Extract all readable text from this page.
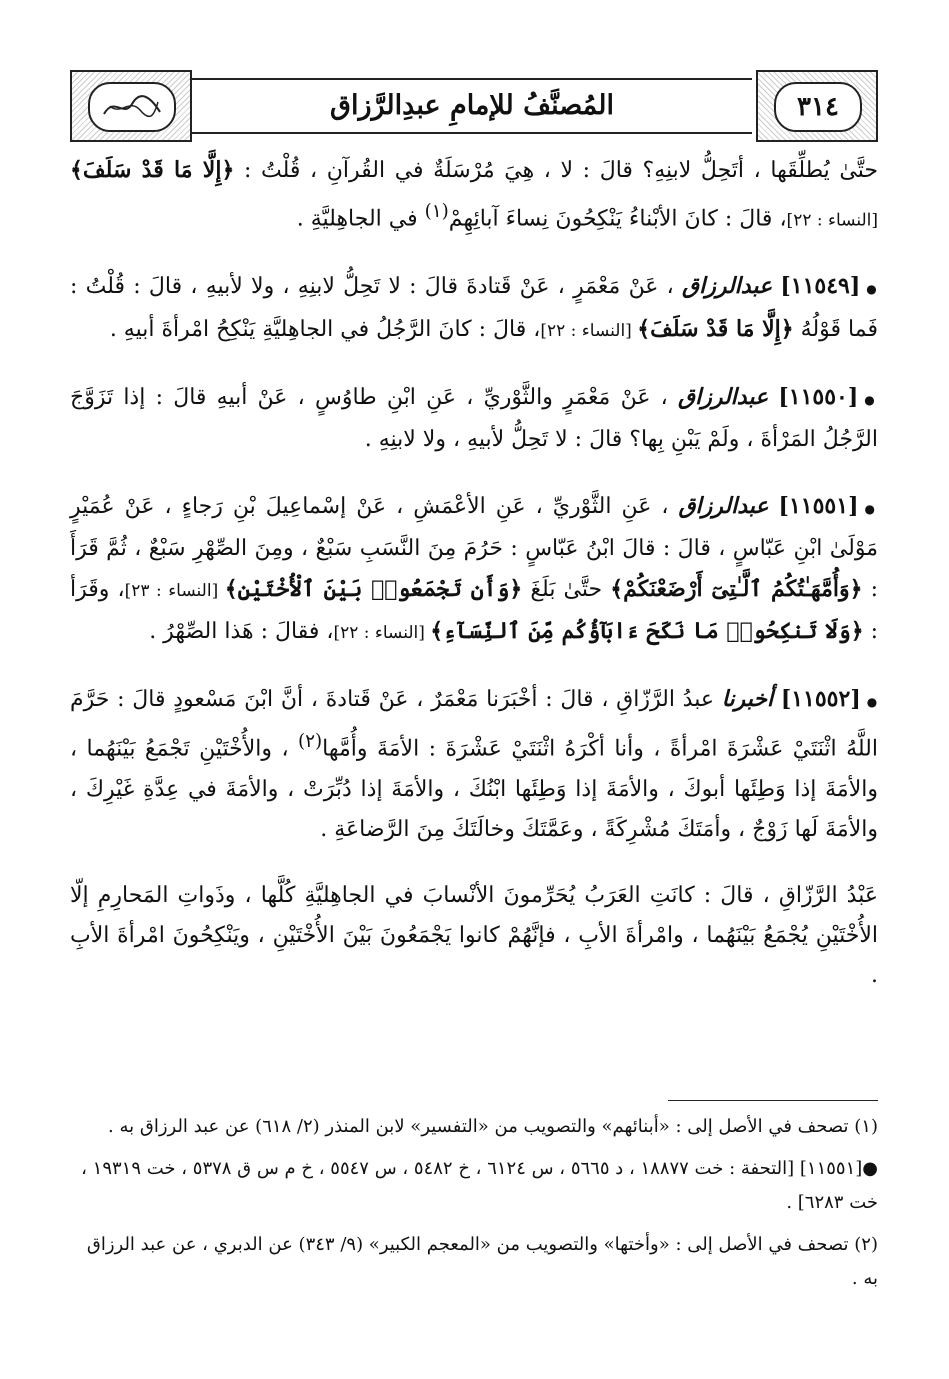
المُصنَّفُ للإمامِ عبدِالرَّزاق	٣١٤

حتَّىٰ يُطلِّقَها ، أتَحِلُّ لابنِهِ؟ قالَ : لا ، هِيَ مُرْسَلَةٌ في القُرآنِ ، قُلْتُ : ﴿إِلَّا مَا قَدْ سَلَفَ﴾ [النساء : ٢٢]، قالَ : كانَ الأبْناءُ يَنْكِحُونَ نِساءَ آبائِهِمْ$^{(١)}$ في الجاهِليَّةِ .

●[١١٥٤٩] عبدالرزاق ، عَنْ مَعْمَرٍ ، عَنْ قَتادةَ قالَ : لا تَحِلُّ لابنِهِ ، ولا لأبيهِ ، قالَ : قُلْتُ : فَما قَوْلُهُ ﴿إِلَّا مَا قَدْ سَلَفَ﴾ [النساء : ٢٢]، قالَ : كانَ الرَّجُلُ في الجاهِليَّةِ يَنْكِحُ امْرأةَ أبيهِ .

●[١١٥٥٠] عبدالرزاق ، عَنْ مَعْمَرٍ والثَّوْريِّ ، عَنِ ابْنِ طاوُسٍ ، عَنْ أبيهِ قالَ : إذا تَزَوَّجَ الرَّجُلُ المَرْأةَ ، ولَمْ يَبْنِ بِها؟ قالَ : لا تَحِلُّ لأبيهِ ، ولا لابنِهِ .

●[١١٥٥١] عبدالرزاق ، عَنِ الثَّوْريِّ ، عَنِ الأعْمَشِ ، عَنْ إسْماعِيلَ بْنِ رَجاءٍ ، عَنْ عُمَيْرٍ مَوْلَىٰ ابْنِ عَبّاسٍ ، قالَ : قالَ ابْنُ عَبّاسٍ : حَرُمَ مِنَ النَّسَبِ سَبْعٌ ، ومِنَ الصِّهْرِ سَبْعٌ ، ثُمَّ قَرَأَ : ﴿وَأُمَّهَـٰتُكُمُ ٱلَّـٰتِىٓ أَرْضَعْنَكُمْ﴾ حتَّىٰ بَلَغَ ﴿وَأَن تَجْمَعُوا۟ بَيْنَ ٱلْأُخْتَيْنِ﴾ [النساء : ٢٣]، وقَرَأ : ﴿وَلَا تَنكِحُوا۟ مَا نَكَحَ ءَابَآؤُكُم مِّنَ ٱلنِّسَآءِ﴾ [النساء : ٢٢]، فقالَ : هَذا الصِّهْرُ .

●[١١٥٥٢] أخبرنا عبدُ الرَّزّاقِ ، قالَ : أخْبَرَنا مَعْمَرٌ ، عَنْ قَتادةَ ، أنَّ ابْنَ مَسْعودٍ قالَ : حَرَّمَ اللَّهُ اثْنَتَيْ عَشْرَةَ امْرأةً ، وأنا أكْرَهُ اثْنَتَيْ عَشْرَةَ : الأمَةَ وأُمَّها$^{(٢)}$ ، والأُخْتَيْنِ تَجْمَعُ بَيْنَهُما ، والأمَةَ إذا وَطِئَها أبوكَ ، والأمَةَ إذا وَطِئَها ابْنُكَ ، والأمَةَ إذا دُبِّرَتْ ، والأمَةَ في عِدَّةِ غَيْرِكَ ، والأمَةَ لَها زَوْجٌ ، وأمَتَكَ مُشْرِكَةً ، وعَمَّتَكَ وخالَتَكَ مِنَ الرَّضاعَةِ .

عَبْدُ الرَّزّاقِ ، قالَ : كانَتِ العَرَبُ يُحَرِّمونَ الأنْسابَ في الجاهِليَّةِ كُلَّها ، وذَواتِ المَحارِمِ إلّا الأُخْتَيْنِ يُجْمَعُ بَيْنَهُما ، وامْرأةَ الأبِ ، فإنَّهُمْ كانوا يَجْمَعُونَ بَيْنَ الأُخْتَيْنِ ، ويَنْكِحُونَ امْرأةَ الأبِ .

(١) تصحف في الأصل إلى : «أبنائهم» والتصويب من «التفسير» لابن المنذر (٢/ ٦١٨) عن عبد الرزاق به .

●[١١٥٥١] [التحفة : خت ١٨٨٧٧ ، د ٥٦٦٥ ، س ٦١٢٤ ، خ ٥٤٨٢ ، س ٥٥٤٧ ، خ م س ق ٥٣٧٨ ، خت ١٩٣١٩ ، خت ٦٢٨٣] .

(٢) تصحف في الأصل إلى : «وأختها» والتصويب من «المعجم الكبير» (٩/ ٣٤٣) عن الدبري ، عن عبد الرزاق به .
